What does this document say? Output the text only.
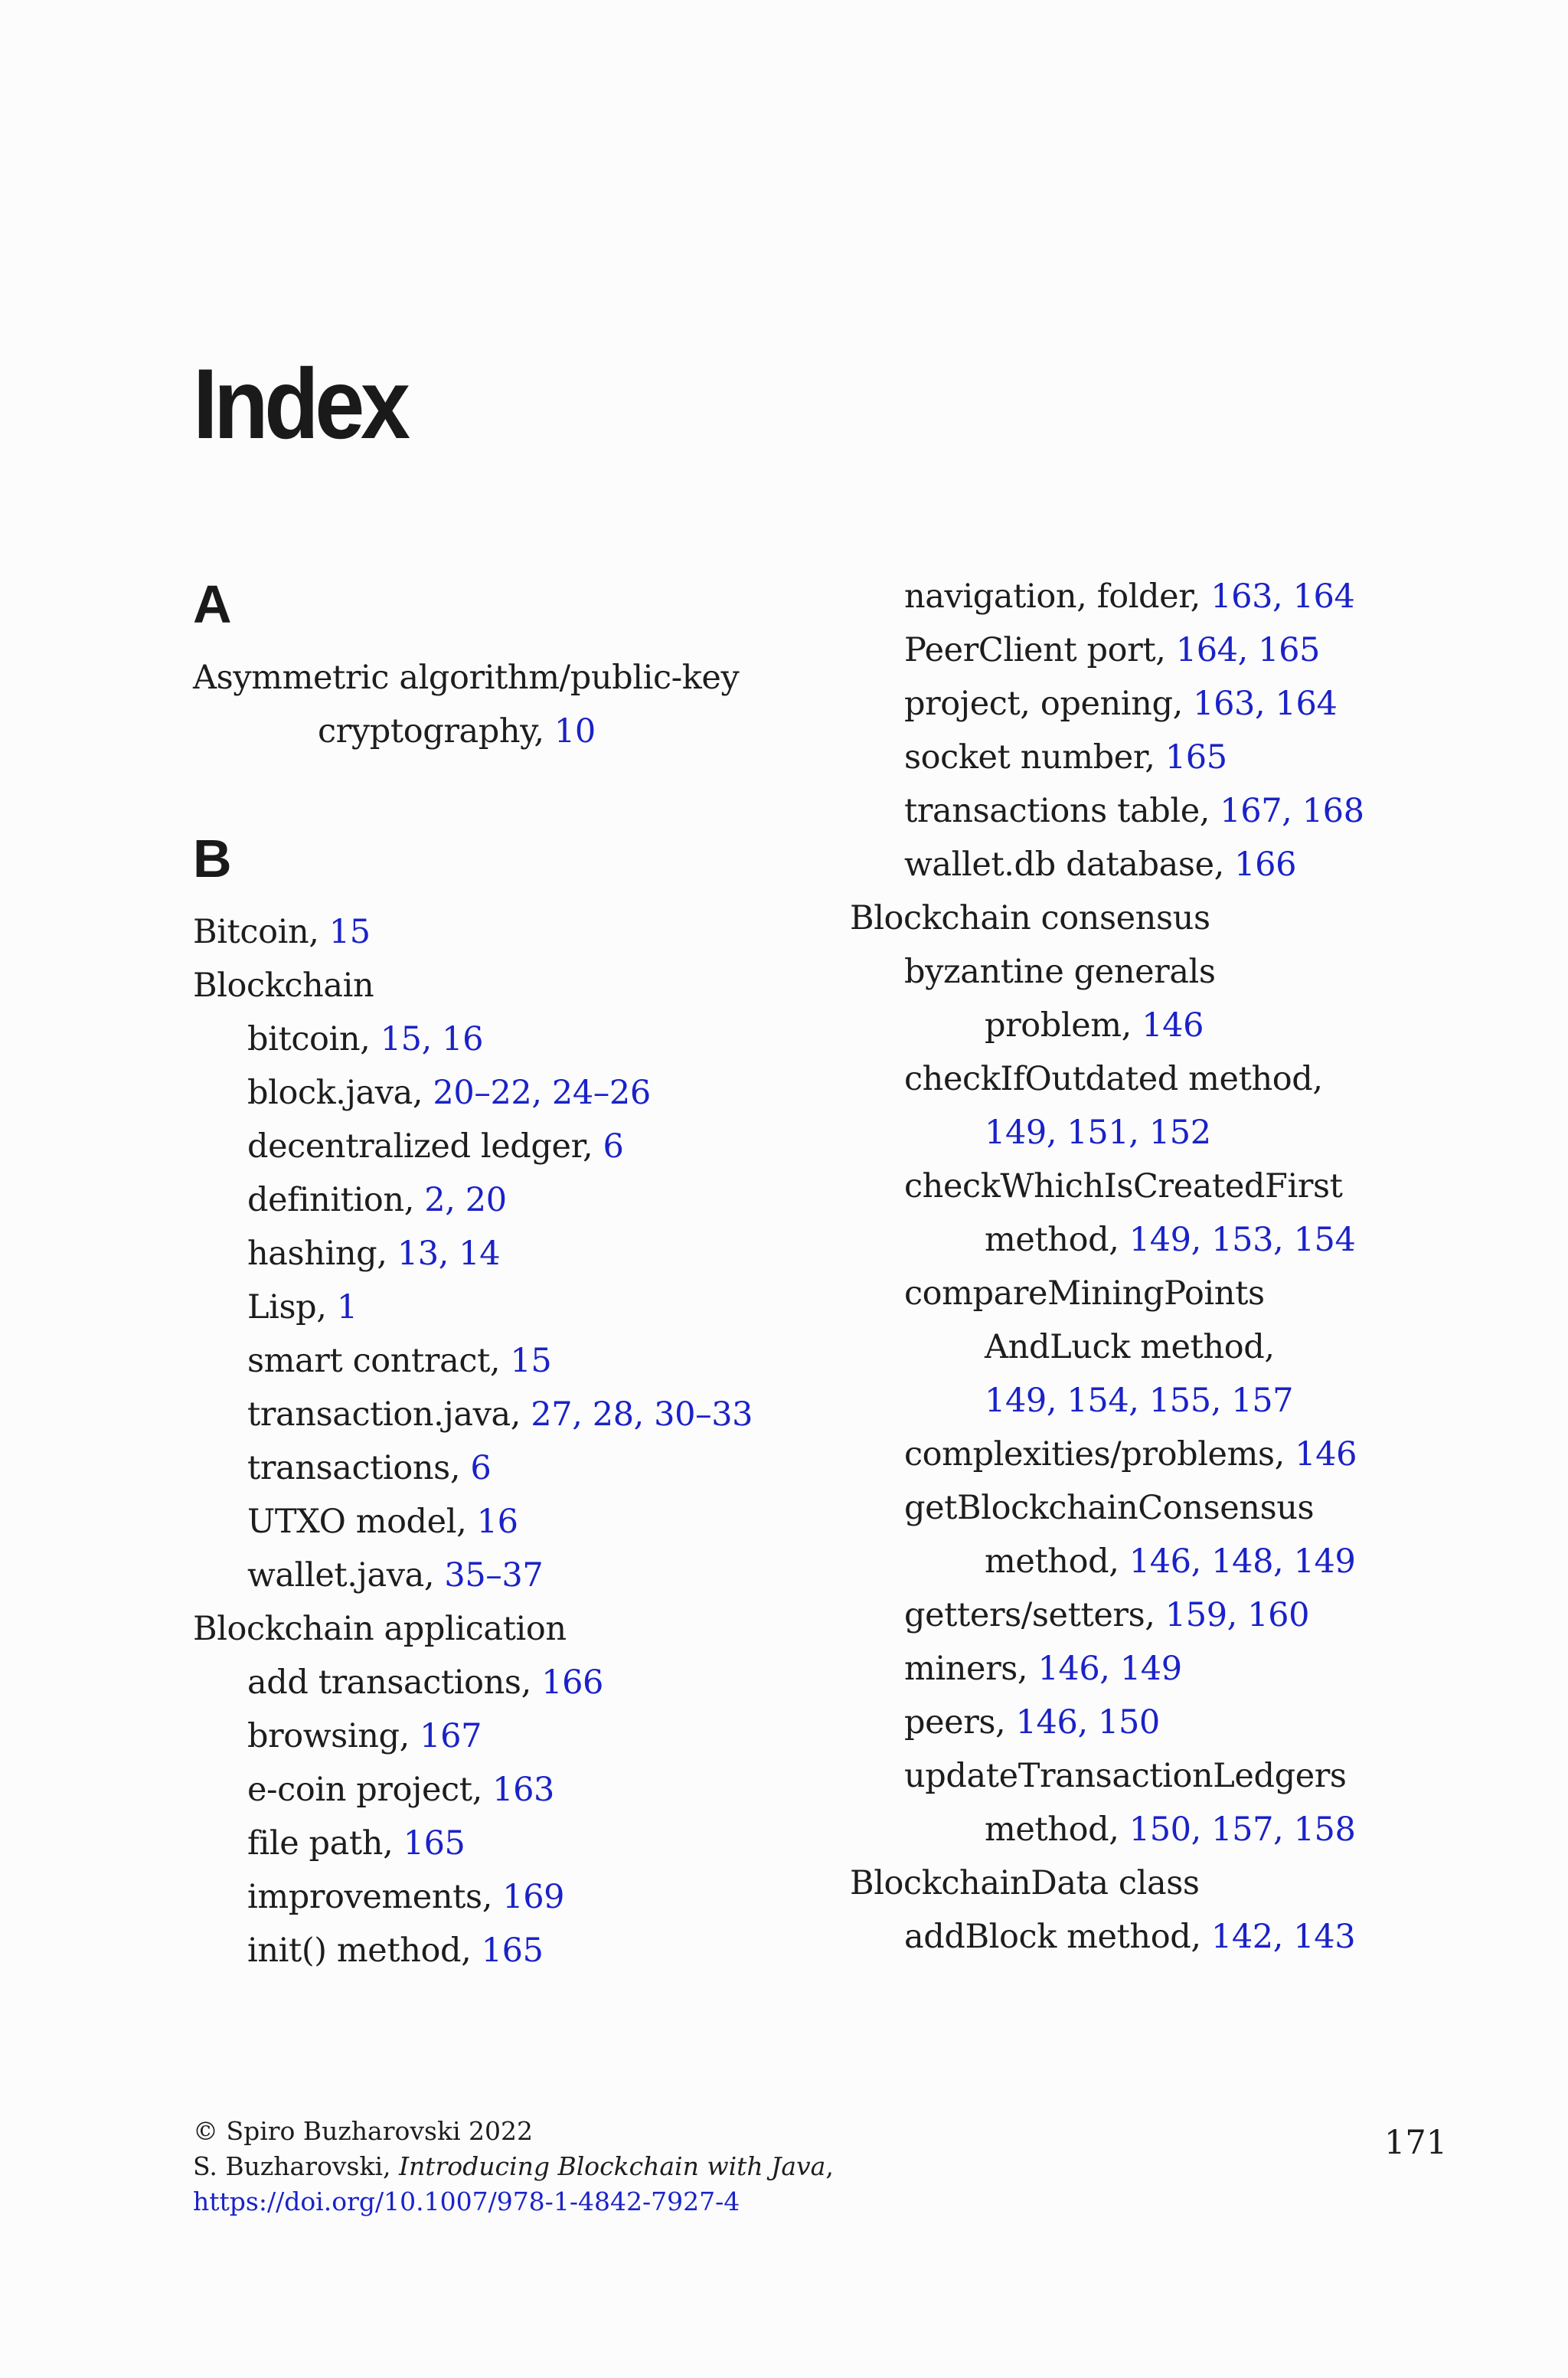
Index
A
Asymmetric algorithm/public-key
cryptography, 10
B
Bitcoin, 15
Blockchain
bitcoin, 15, 16
block.java, 20–22, 24–26
decentralized ledger, 6
definition, 2, 20
hashing, 13, 14
Lisp, 1
smart contract, 15
transaction.java, 27, 28, 30–33
transactions, 6
UTXO model, 16
wallet.java, 35–37
Blockchain application
add transactions, 166
browsing, 167
e-coin project, 163
file path, 165
improvements, 169
init() method, 165
navigation, folder, 163, 164
PeerClient port, 164, 165
project, opening, 163, 164
socket number, 165
transactions table, 167, 168
wallet.db database, 166
Blockchain consensus
byzantine generals
problem, 146
checkIfOutdated method,
149, 151, 152
checkWhichIsCreatedFirst
method, 149, 153, 154
compareMiningPoints
AndLuck method,
149, 154, 155, 157
complexities/problems, 146
getBlockchainConsensus
method, 146, 148, 149
getters/setters, 159, 160
miners, 146, 149
peers, 146, 150
updateTransactionLedgers
method, 150, 157, 158
BlockchainData class
addBlock method, 142, 143
© Spiro Buzharovski 2022
S. Buzharovski, Introducing Blockchain with Java,
https://doi.org/10.1007/978-1-4842-7927-4
171
